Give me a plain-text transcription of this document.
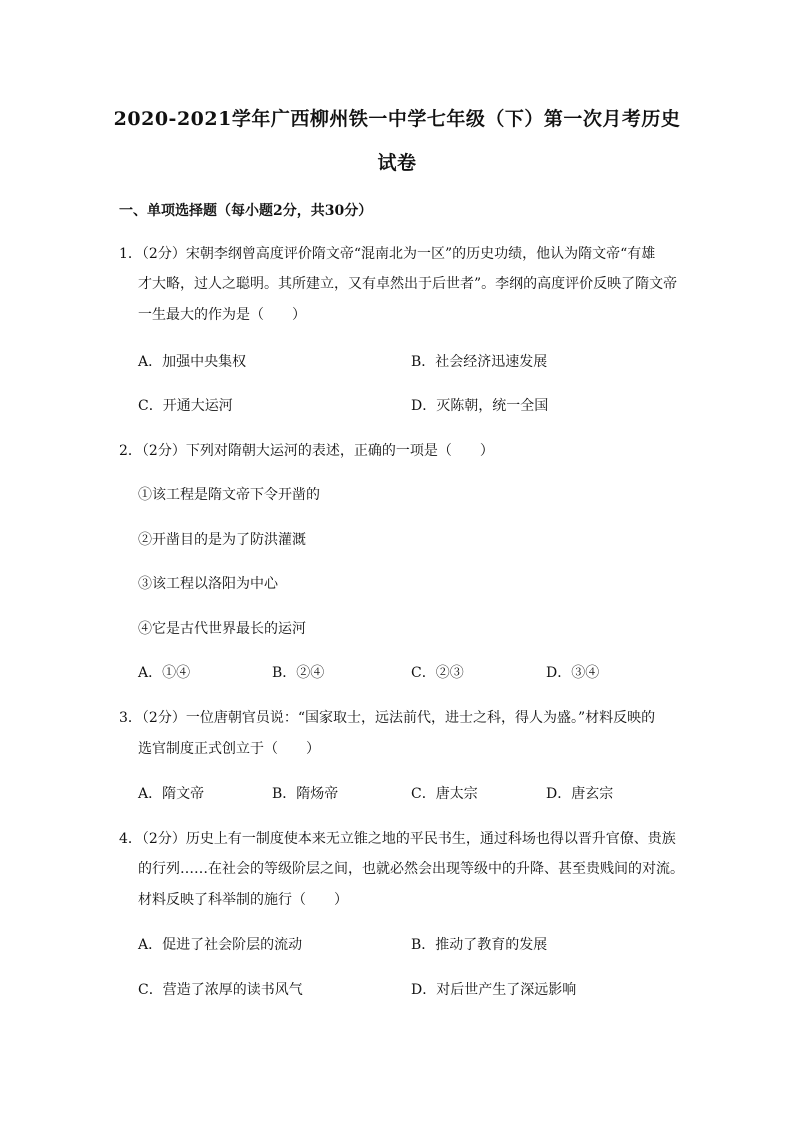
2020-2021学年广西柳州铁一中学七年级（下）第一次月考历史
试卷
一、单项选择题（每小题2分，共30分）
1．（2分）宋朝李纲曾高度评价隋文帝“混南北为一区”的历史功绩，他认为隋文帝“有雄
才大略，过人之聪明。其所建立，又有卓然出于后世者”。李纲的高度评价反映了隋文帝
一生最大的作为是（　　）
A．加强中央集权	B．社会经济迅速发展
C．开通大运河	D．灭陈朝，统一全国
2．（2分）下列对隋朝大运河的表述，正确的一项是（　　）
①该工程是隋文帝下令开凿的
②开凿目的是为了防洪灌溉
③该工程以洛阳为中心
④它是古代世界最长的运河
A．①④	B．②④	C．②③	D．③④
3．（2分）一位唐朝官员说：“国家取士，远法前代，进士之科，得人为盛。”材料反映的
选官制度正式创立于（　　）
A．隋文帝	B．隋炀帝	C．唐太宗	D．唐玄宗
4．（2分）历史上有一制度使本来无立锥之地的平民书生，通过科场也得以晋升官僚、贵族
的行列……在社会的等级阶层之间，也就必然会出现等级中的升降、甚至贵贱间的对流。
材料反映了科举制的施行（　　）
A．促进了社会阶层的流动	B．推动了教育的发展
C．营造了浓厚的读书风气	D．对后世产生了深远影响
